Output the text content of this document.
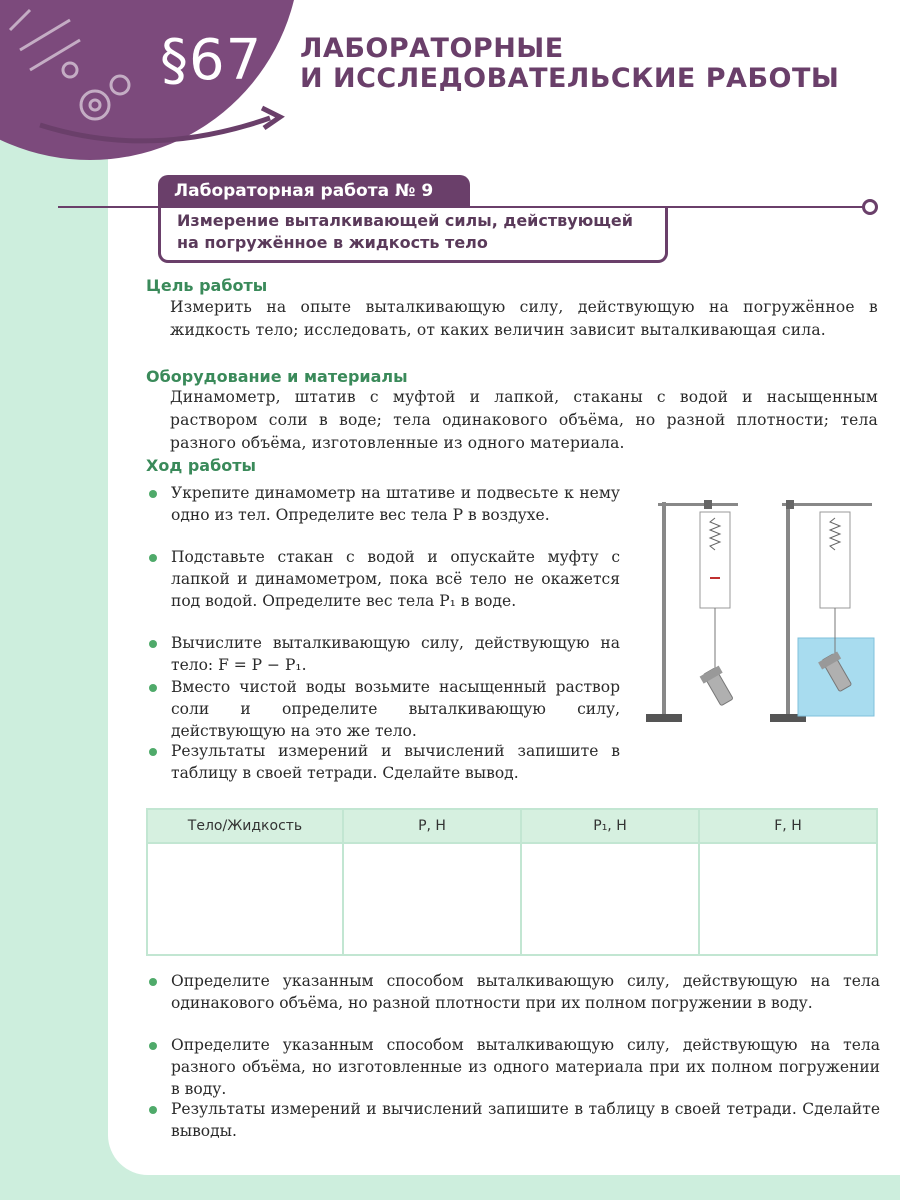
§67	ЛАБОРАТОРНЫЕ
И ИССЛЕДОВАТЕЛЬСКИЕ РАБОТЫ
Лабораторная работа № 9
Измерение выталкивающей силы, действующей
на погружённое в жидкость тело
Цель работы
Измерить на опыте выталкивающую силу, действующую на погружённое в жидкость тело; исследовать, от каких величин зависит выталкивающая сила.
Оборудование и материалы
Динамометр, штатив с муфтой и лапкой, стаканы с водой и насыщенным раствором соли в воде; тела одинакового объёма, но разной плотности; тела разного объёма, изготовленные из одного материала.
Ход работы
Укрепите динамометр на штативе и подвесьте к нему одно из тел. Определите вес тела P в воздухе.
Подставьте стакан с водой и опускайте муфту с лапкой и динамометром, пока всё тело не окажется под водой. Определите вес тела P₁ в воде.
Вычислите выталкивающую силу, действующую на тело: F = P − P₁.
Вместо чистой воды возьмите насыщенный раствор соли и определите выталкивающую силу, действующую на это же тело.
Результаты измерений и вычислений запишите в таблицу в своей тетради. Сделайте вывод.
Тело/Жидкость	P, Н	P₁, Н	F, Н

Определите указанным способом выталкивающую силу, действующую на тела одинакового объёма, но разной плотности при их полном погружении в воду.
Определите указанным способом выталкивающую силу, действующую на тела разного объёма, но изготовленные из одного материала при их полном погружении в воду.
Результаты измерений и вычислений запишите в таблицу в своей тетради. Сделайте выводы.
